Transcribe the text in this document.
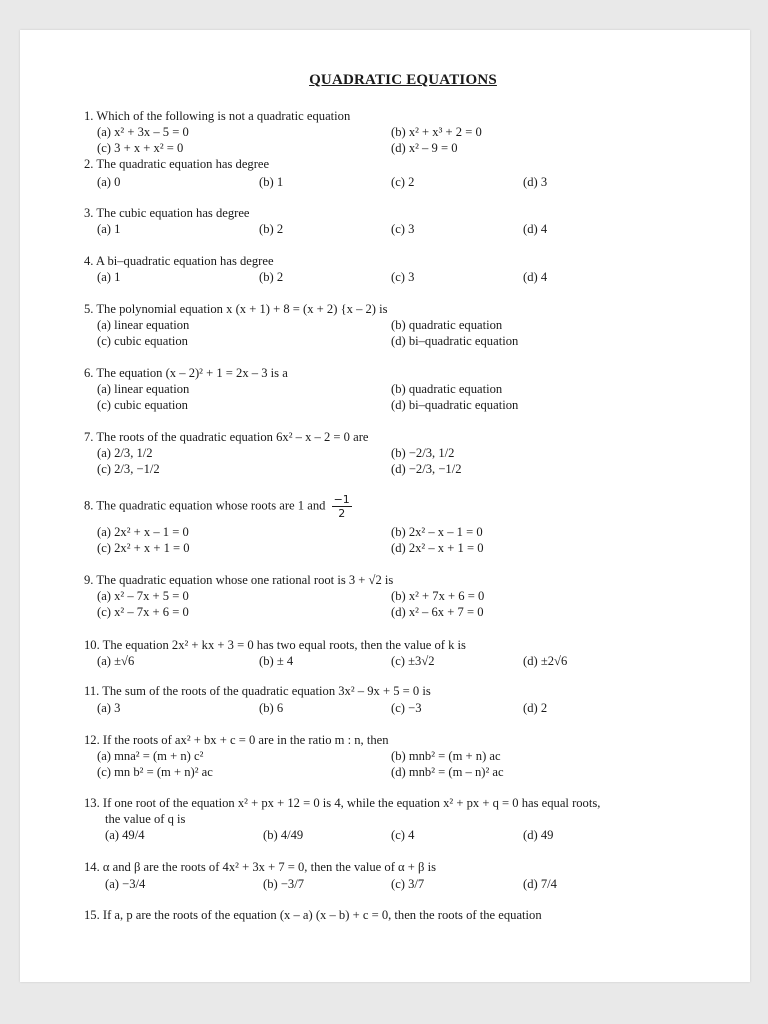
QUADRATIC EQUATIONS
1. Which of the following is not a quadratic equation
(a) x² + 3x – 5 = 0	(b) x² + x³ + 2 = 0
(c) 3 + x + x² = 0	(d) x² – 9 = 0
2. The quadratic equation has degree
(a) 0	(b) 1	(c) 2	(d) 3
3. The cubic equation has degree
(a) 1	(b) 2	(c) 3	(d) 4
4. A bi–quadratic equation has degree
(a) 1	(b) 2	(c) 3	(d) 4
5. The polynomial equation x (x + 1) + 8 = (x + 2) {x – 2) is
(a) linear equation	(b) quadratic equation
(c) cubic equation	(d) bi–quadratic equation
6. The equation (x – 2)² + 1 = 2x – 3 is a
(a) linear equation	(b) quadratic equation
(c) cubic equation	(d) bi–quadratic equation
7. The roots of the quadratic equation 6x² – x – 2 = 0 are
(a) 2/3, 1/2	(b) −2/3, 1/2
(c) 2/3, −1/2	(d) −2/3, −1/2
8. The quadratic equation whose roots are 1 and $\frac{-1}{2}$
(a) 2x² + x – 1 = 0	(b) 2x² – x – 1 = 0
(c) 2x² + x + 1 = 0	(d) 2x² – x + 1 = 0
9. The quadratic equation whose one rational root is 3 + √2 is
(a) x² – 7x + 5 = 0	(b) x² + 7x + 6 = 0
(c) x² – 7x + 6 = 0	(d) x² – 6x + 7 = 0
10. The equation 2x² + kx + 3 = 0 has two equal roots, then the value of k is
(a) ±√6	(b) ± 4	(c) ±3√2	(d) ±2√6
11. The sum of the roots of the quadratic equation 3x² – 9x + 5 = 0 is
(a) 3	(b) 6	(c) −3	(d) 2
12. If the roots of ax² + bx + c = 0 are in the ratio m : n, then
(a) mna² = (m + n) c²	(b) mnb² = (m + n) ac
(c) mn b² = (m + n)² ac	(d) mnb² = (m – n)² ac
13. If one root of the equation x² + px + 12 = 0 is 4, while the equation x² + px + q = 0 has equal roots,
the value of q is
(a) 49/4	(b) 4/49	(c) 4	(d) 49
14. α and β are the roots of 4x² + 3x + 7 = 0, then the value of α + β is
(a) −3/4	(b) −3/7	(c) 3/7	(d) 7/4
15. If a, p are the roots of the equation (x – a) (x – b) + c = 0, then the roots of the equation
